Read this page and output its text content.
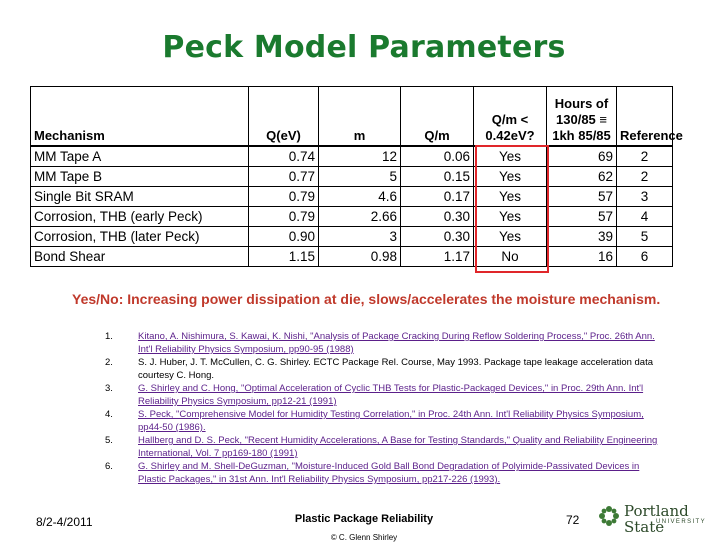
Peck Model Parameters
Mechanism	Q(eV)	m	Q/m	Q/m < 0.42eV?	Hours of 130/85 ≡ 1kh 85/85	Reference
MM Tape A	0.74	12	0.06	Yes	69	2
MM Tape B	0.77	5	0.15	Yes	62	2
Single Bit SRAM	0.79	4.6	0.17	Yes	57	3
Corrosion, THB (early Peck)	0.79	2.66	0.30	Yes	57	4
Corrosion, THB (later Peck)	0.90	3	0.30	Yes	39	5
Bond Shear	1.15	0.98	1.17	No	16	6
Yes/No: Increasing power dissipation at die, slows/accelerates the moisture mechanism.
1.	Kitano, A. Nishimura, S. Kawai, K. Nishi, "Analysis of Package Cracking During Reflow Soldering Process," Proc. 26th Ann. Int'l Reliability Physics Symposium, pp90-95 (1988)
2.	S. J. Huber, J. T. McCullen, C. G. Shirley. ECTC Package Rel. Course, May 1993. Package tape leakage acceleration data courtesy C. Hong.
3.	G. Shirley and C. Hong, "Optimal Acceleration of Cyclic THB Tests for Plastic-Packaged Devices," in Proc. 29th Ann. Int'l Reliability Physics Symposium, pp12-21 (1991)
4.	S. Peck, "Comprehensive Model for Humidity Testing Correlation," in Proc. 24th Ann. Int'l Reliability Physics Symposium, pp44-50 (1986).
5.	Hallberg and D. S. Peck, "Recent Humidity Accelerations, A Base for Testing Standards," Quality and Reliability Engineering International, Vol. 7 pp169-180 (1991)
6.	G. Shirley and M. Shell-DeGuzman, "Moisture-Induced Gold Ball Bond Degradation of Polyimide-Passivated Devices in Plastic Packages," in 31st Ann. Int'l Reliability Physics Symposium, pp217-226 (1993).
8/2-4/2011	Plastic Package Reliability
© C. Glenn Shirley
72	Portland State
UNIVERSITY
